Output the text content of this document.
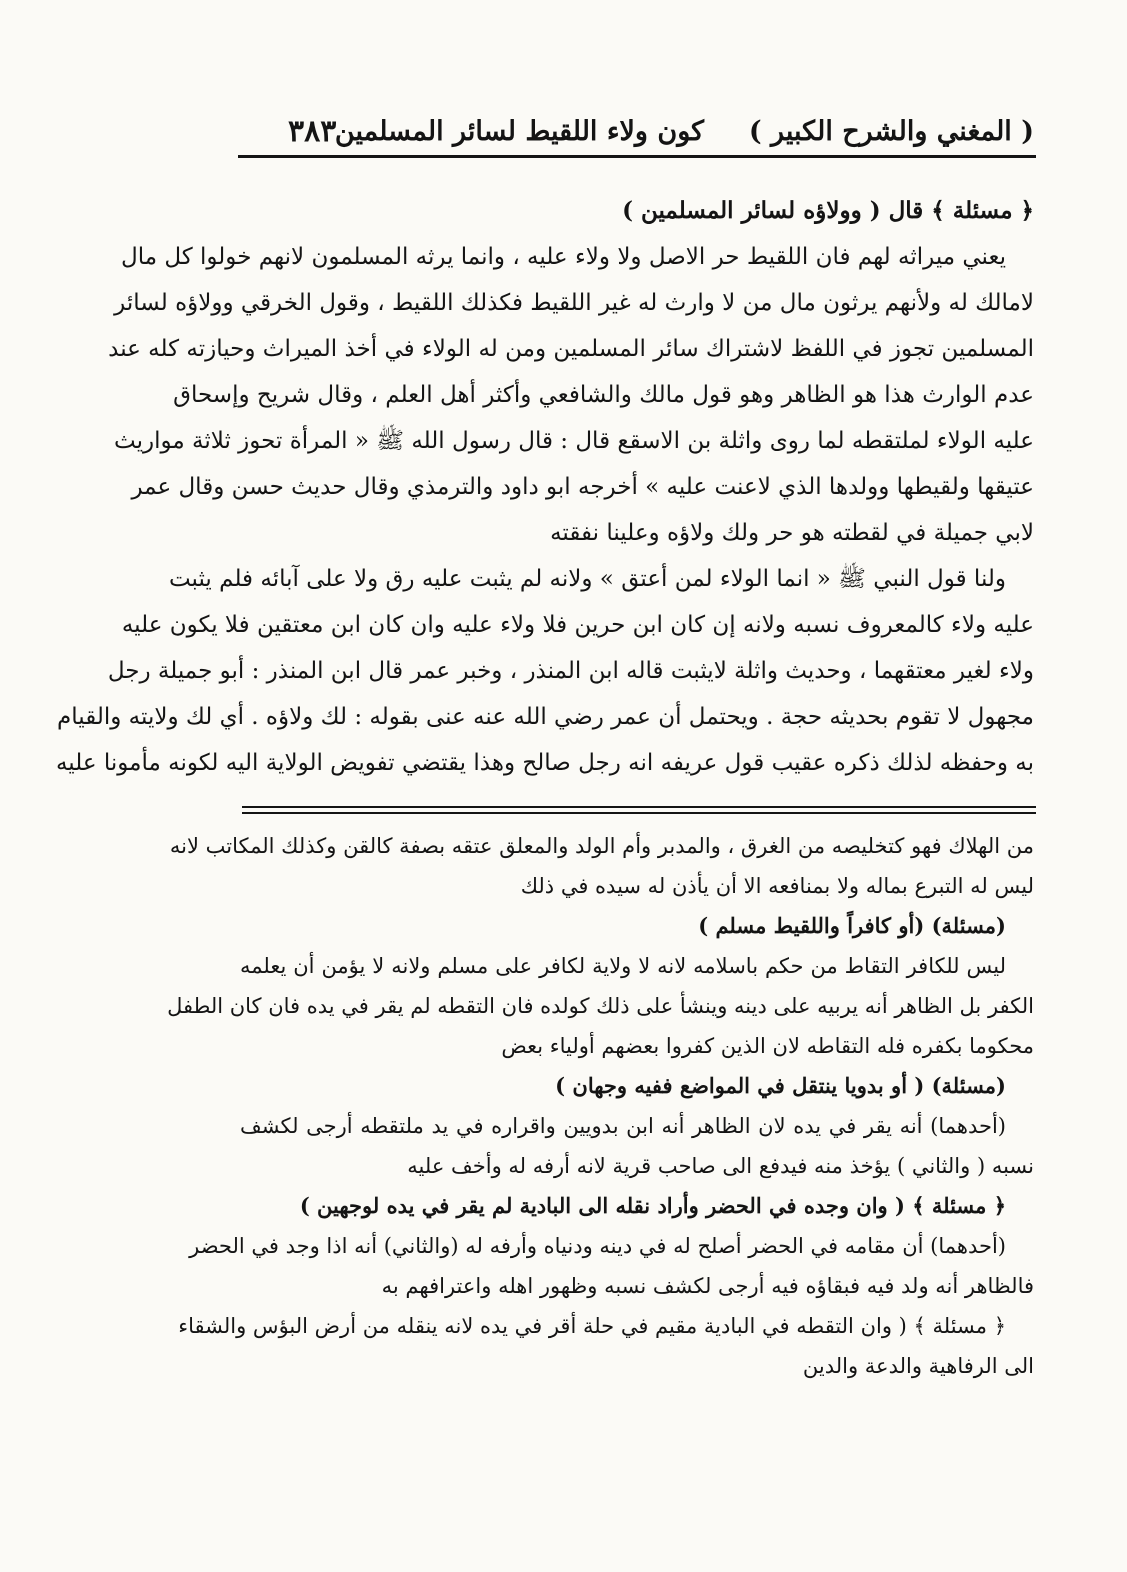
( المغني والشرح الكبير )
كون ولاء اللقيط لسائر المسلمين
٣٨٣
﴿ مسئلة ﴾ قال ( وولاؤه لسائر المسلمين )
يعني ميراثه لهم فان اللقيط حر الاصل ولا ولاء عليه ، وانما يرثه المسلمون لانهم خولوا كل مال
لامالك له ولأنهم يرثون مال من لا وارث له غير اللقيط فكذلك اللقيط ، وقول الخرقي وولاؤه لسائر
المسلمين تجوز في اللفظ لاشتراك سائر المسلمين ومن له الولاء في أخذ الميراث وحيازته كله عند
عدم الوارث هذا هو الظاهر وهو قول مالك والشافعي وأكثر أهل العلم ، وقال شريح وإسحاق
عليه الولاء لملتقطه لما روى واثلة بن الاسقع قال : قال رسول الله ﷺ « المرأة تحوز ثلاثة مواريث
عتيقها ولقيطها وولدها الذي لاعنت عليه » أخرجه ابو داود والترمذي وقال حديث حسن وقال عمر
لابي جميلة في لقطته هو حر ولك ولاؤه وعلينا نفقته
ولنا قول النبي ﷺ « انما الولاء لمن أعتق » ولانه لم يثبت عليه رق ولا على آبائه فلم يثبت
عليه ولاء كالمعروف نسبه ولانه إن كان ابن حرين فلا ولاء عليه وان كان ابن معتقين فلا يكون عليه
ولاء لغير معتقهما ، وحديث واثلة لايثبت قاله ابن المنذر ، وخبر عمر قال ابن المنذر : أبو جميلة رجل
مجهول لا تقوم بحديثه حجة . ويحتمل أن عمر رضي الله عنه عنى بقوله : لك ولاؤه . أي لك ولايته والقيام
به وحفظه لذلك ذكره عقيب قول عريفه انه رجل صالح وهذا يقتضي تفويض الولاية اليه لكونه مأمونا عليه
من الهلاك فهو كتخليصه من الغرق ، والمدبر وأم الولد والمعلق عتقه بصفة كالقن وكذلك المكاتب لانه
ليس له التبرع بماله ولا بمنافعه الا أن يأذن له سيده في ذلك
(مسئلة) (أو كافراً واللقيط مسلم )
ليس للكافر التقاط من حكم باسلامه لانه لا ولاية لكافر على مسلم ولانه لا يؤمن أن يعلمه
الكفر بل الظاهر أنه يربيه على دينه وينشأ على ذلك كولده فان التقطه لم يقر في يده فان كان الطفل
محكوما بكفره فله التقاطه لان الذين كفروا بعضهم أولياء بعض
(مسئلة) ( أو بدويا ينتقل في المواضع ففيه وجهان )
(أحدهما) أنه يقر في يده لان الظاهر أنه ابن بدويين واقراره في يد ملتقطه أرجى لكشف
نسبه ( والثاني ) يؤخذ منه فيدفع الى صاحب قرية لانه أرفه له وأخف عليه
﴿ مسئلة ﴾ ( وان وجده في الحضر وأراد نقله الى البادية لم يقر في يده لوجهين )
(أحدهما) أن مقامه في الحضر أصلح له في دينه ودنياه وأرفه له (والثاني) أنه اذا وجد في الحضر
فالظاهر أنه ولد فيه فبقاؤه فيه أرجى لكشف نسبه وظهور اهله واعترافهم به
﴿ مسئلة ﴾ ( وان التقطه في البادية مقيم في حلة أقر في يده لانه ينقله من أرض البؤس والشقاء
الى الرفاهية والدعة والدين
